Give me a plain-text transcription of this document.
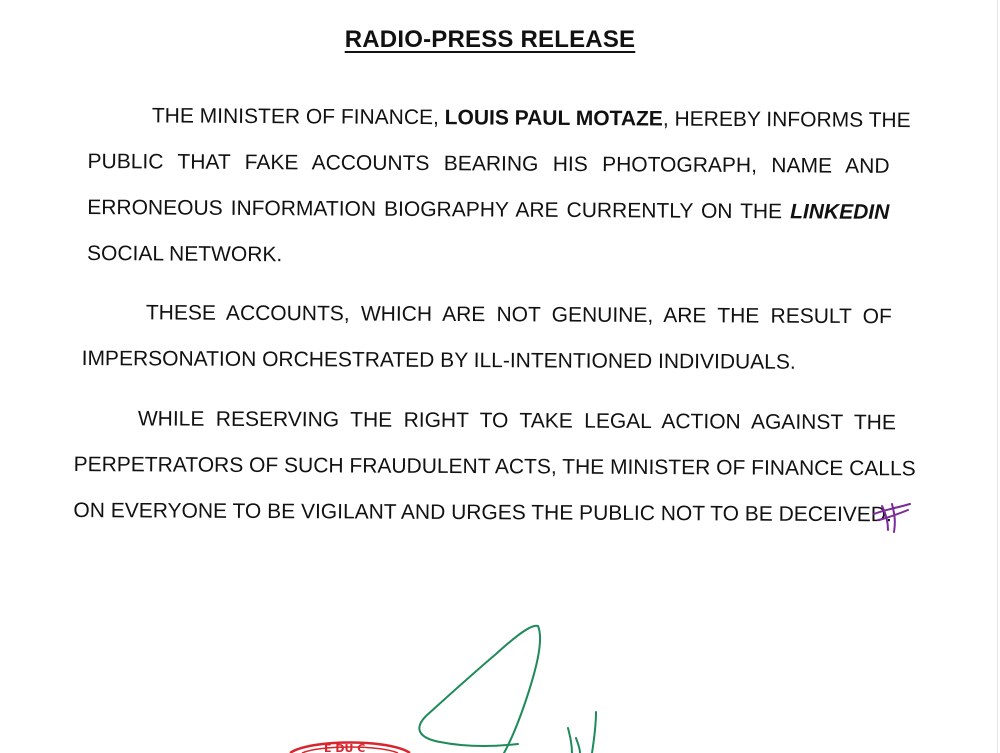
RADIO-PRESS RELEASE
THE MINISTER OF FINANCE, LOUIS PAUL MOTAZE, HEREBY INFORMS THE
PUBLIC THAT FAKE ACCOUNTS BEARING HIS PHOTOGRAPH, NAME AND
ERRONEOUS INFORMATION BIOGRAPHY ARE CURRENTLY ON THE LINKEDIN
SOCIAL NETWORK.
THESE ACCOUNTS, WHICH ARE NOT GENUINE, ARE THE RESULT OF
IMPERSONATION ORCHESTRATED BY ILL-INTENTIONED INDIVIDUALS.
WHILE RESERVING THE RIGHT TO TAKE LEGAL ACTION AGAINST THE
PERPETRATORS OF SUCH FRAUDULENT ACTS, THE MINISTER OF FINANCE CALLS
ON EVERYONE TO BE VIGILANT AND URGES THE PUBLIC NOT TO BE DECEIVED.
E DU C
